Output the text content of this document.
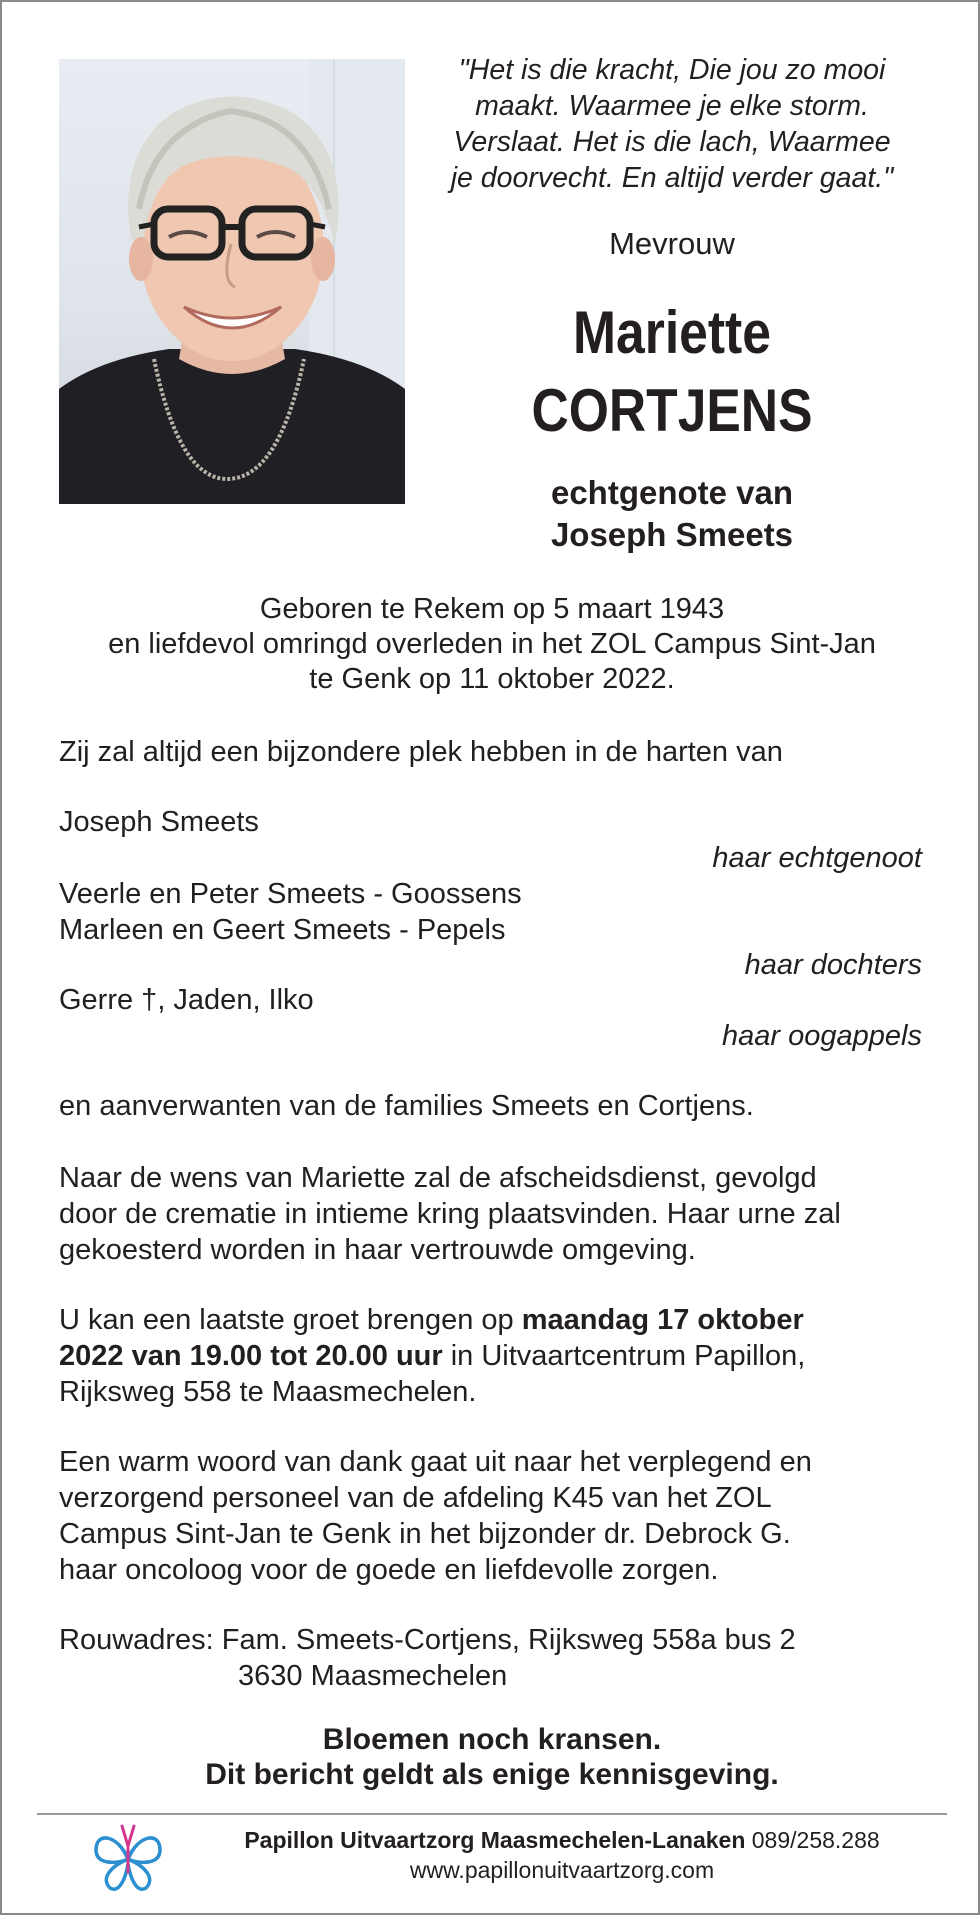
"Het is die kracht, Die jou zo mooi
maakt. Waarmee je elke storm.
Verslaat. Het is die lach, Waarmee
je doorvecht. En altijd verder gaat."
Mevrouw
Mariette
CORTJENS
echtgenote van
Joseph Smeets
Geboren te Rekem op 5 maart 1943
en liefdevol omringd overleden in het ZOL Campus Sint-Jan
te Genk op 11 oktober 2022.
Zij zal altijd een bijzondere plek hebben in de harten van
Joseph Smeets
haar echtgenoot
Veerle en Peter Smeets - Goossens
Marleen en Geert Smeets - Pepels
haar dochters
Gerre †, Jaden, Ilko
haar oogappels
en aanverwanten van de families Smeets en Cortjens.
Naar de wens van Mariette zal de afscheidsdienst, gevolgd
door de crematie in intieme kring plaatsvinden. Haar urne zal
gekoesterd worden in haar vertrouwde omgeving.
U kan een laatste groet brengen op maandag 17 oktober
2022 van 19.00 tot 20.00 uur in Uitvaartcentrum Papillon,
Rijksweg 558 te Maasmechelen.
Een warm woord van dank gaat uit naar het verplegend en
verzorgend personeel van de afdeling K45 van het ZOL
Campus Sint-Jan te Genk in het bijzonder dr. Debrock G.
haar oncoloog voor de goede en liefdevolle zorgen.
Rouwadres: Fam. Smeets-Cortjens, Rijksweg 558a bus 2
3630 Maasmechelen
Bloemen noch kransen.
Dit bericht geldt als enige kennisgeving.
Papillon Uitvaartzorg Maasmechelen-Lanaken 089/258.288
www.papillonuitvaartzorg.com
